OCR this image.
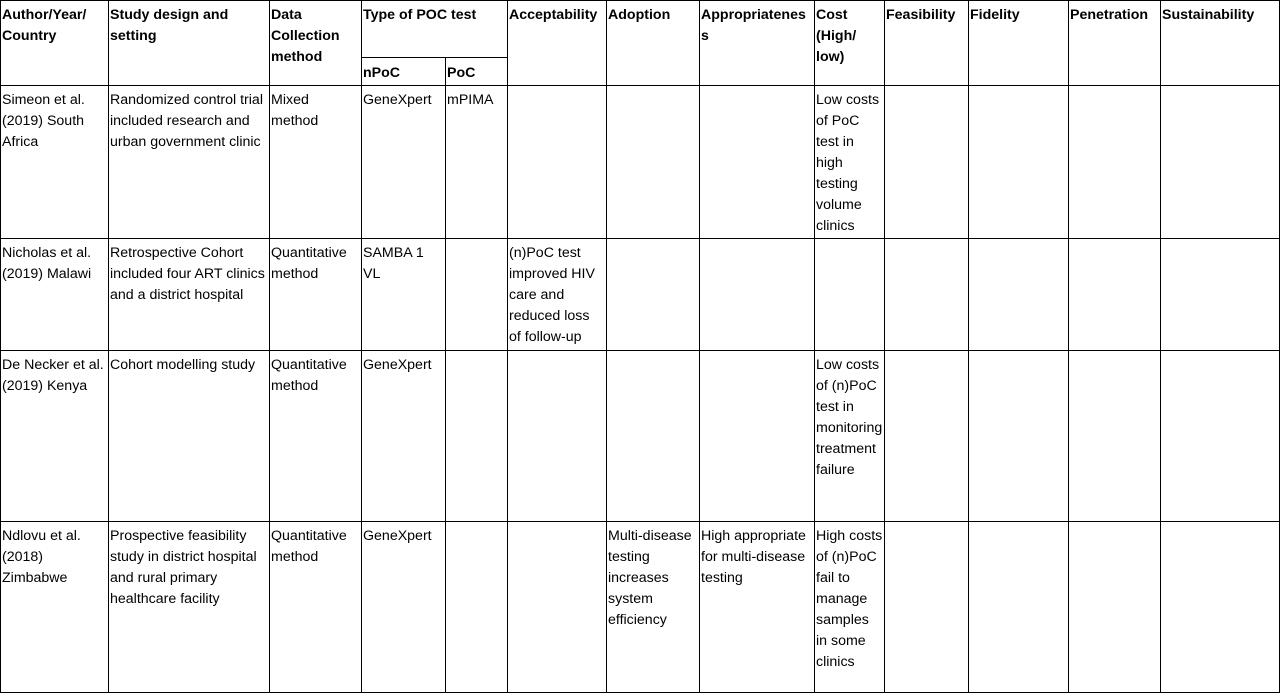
Author/Year/ Country	Study design and setting	Data Collection method	Type of POC test		Acceptability	Adoption	Appropriatenes s	Cost (High/ low)	Feasibility	Fidelity	Penetration	Sustainability
			nPoC	PoC								
Simeon et al. (2019) South Africa	Randomized control trial included research and urban government clinic	Mixed method	GeneXpert	mPIMA				Low costs of PoC test in high testing volume clinics				
Nicholas et al. (2019) Malawi	Retrospective Cohort included four ART clinics and a district hospital	Quantitative method	SAMBA 1 VL		(n)PoC test improved HIV care and reduced loss of follow-up							
De Necker et al. (2019) Kenya	Cohort modelling study	Quantitative method	GeneXpert					Low costs of (n)PoC test in monitoring treatment failure				
Ndlovu et al. (2018) Zimbabwe	Prospective feasibility study in district hospital and rural primary healthcare facility	Quantitative method	GeneXpert			Multi-disease testing increases system efficiency	High appropriate for multi-disease testing	High costs of (n)PoC fail to manage samples in some clinics				
